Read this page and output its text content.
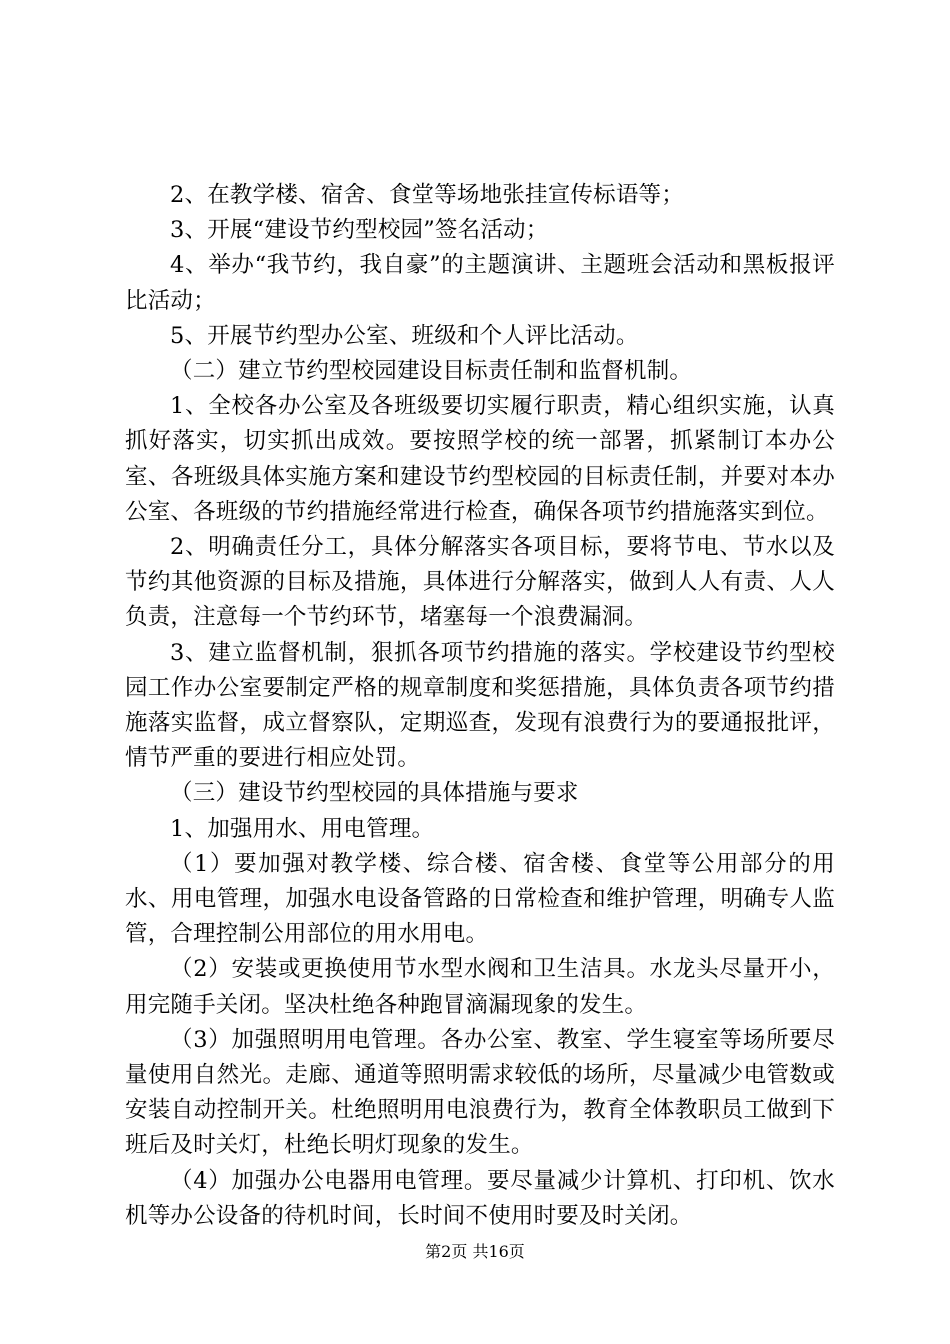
2、在教学楼、宿舍、食堂等场地张挂宣传标语等；

3、开展“建设节约型校园”签名活动；

4、举办“我节约，我自豪”的主题演讲、主题班会活动和黑板报评比活动；

5、开展节约型办公室、班级和个人评比活动。

（二）建立节约型校园建设目标责任制和监督机制。

1、全校各办公室及各班级要切实履行职责，精心组织实施，认真抓好落实，切实抓出成效。要按照学校的统一部署，抓紧制订本办公室、各班级具体实施方案和建设节约型校园的目标责任制，并要对本办公室、各班级的节约措施经常进行检查，确保各项节约措施落实到位。

2、明确责任分工，具体分解落实各项目标，要将节电、节水以及节约其他资源的目标及措施，具体进行分解落实，做到人人有责、人人负责，注意每一个节约环节，堵塞每一个浪费漏洞。

3、建立监督机制，狠抓各项节约措施的落实。学校建设节约型校园工作办公室要制定严格的规章制度和奖惩措施，具体负责各项节约措施落实监督，成立督察队，定期巡查，发现有浪费行为的要通报批评，情节严重的要进行相应处罚。

（三）建设节约型校园的具体措施与要求

1、加强用水、用电管理。

（1）要加强对教学楼、综合楼、宿舍楼、食堂等公用部分的用水、用电管理，加强水电设备管路的日常检查和维护管理，明确专人监管，合理控制公用部位的用水用电。

（2）安装或更换使用节水型水阀和卫生洁具。水龙头尽量开小，用完随手关闭。坚决杜绝各种跑冒滴漏现象的发生。

（3）加强照明用电管理。各办公室、教室、学生寝室等场所要尽量使用自然光。走廊、通道等照明需求较低的场所，尽量减少电管数或安装自动控制开关。杜绝照明用电浪费行为，教育全体教职员工做到下班后及时关灯，杜绝长明灯现象的发生。

（4）加强办公电器用电管理。要尽量减少计算机、打印机、饮水机等办公设备的待机时间，长时间不使用时要及时关闭。

第2页 共16页
